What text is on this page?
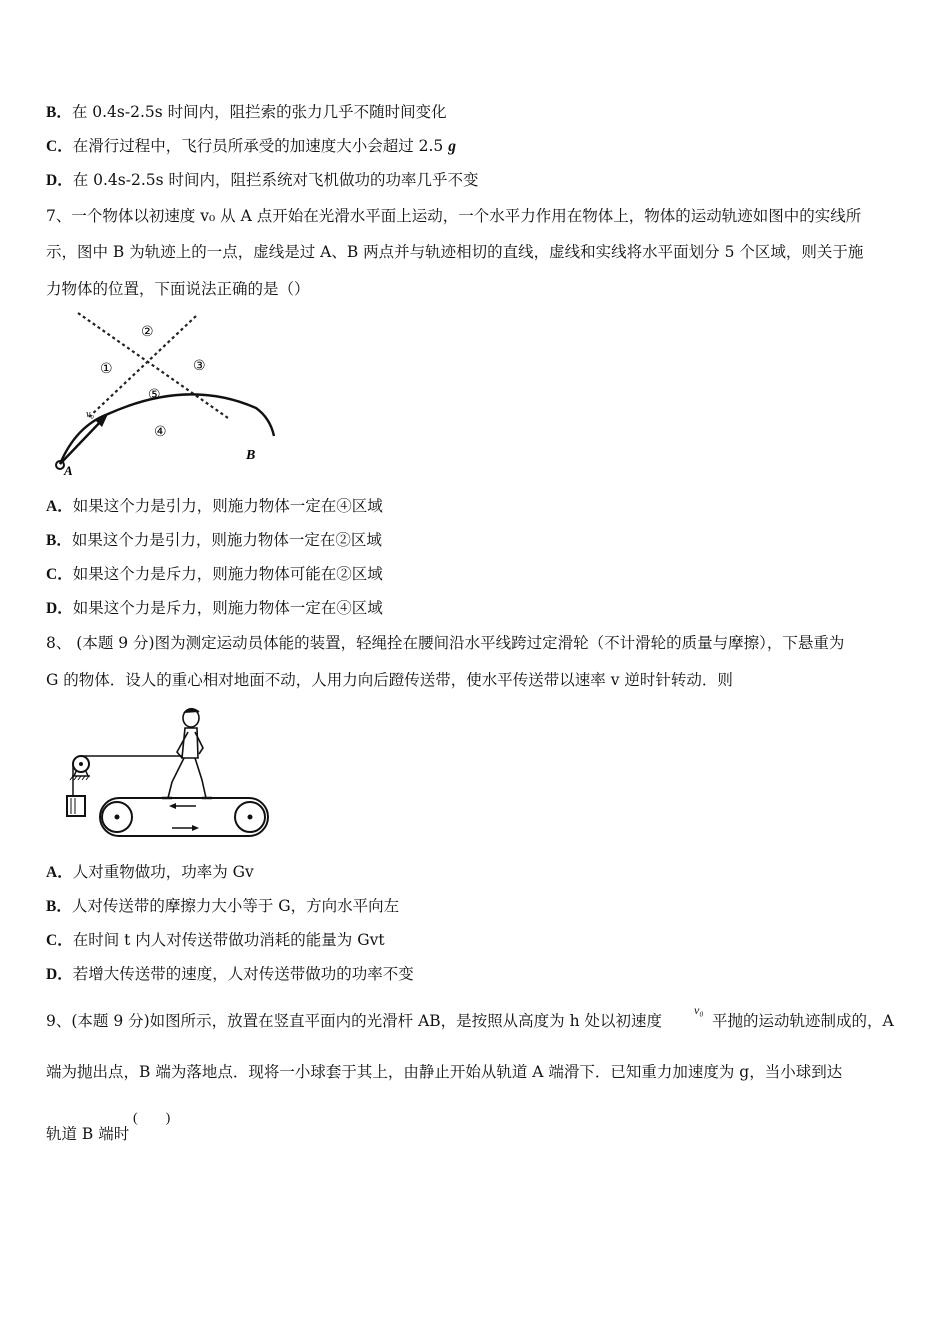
B．在 0.4s-2.5s 时间内，阻拦索的张力几乎不随时间变化
C．在滑行过程中，飞行员所承受的加速度大小会超过 2.5 g
D．在 0.4s-2.5s 时间内，阻拦系统对飞机做功的功率几乎不变
7、一个物体以初速度 v₀ 从 A 点开始在光滑水平面上运动，一个水平力作用在物体上，物体的运动轨迹如图中的实线所
示，图中 B 为轨迹上的一点，虚线是过 A、B 两点并与轨迹相切的直线，虚线和实线将水平面划分 5 个区域，则关于施
力物体的位置，下面说法正确的是（）
v₀
A
B
①
②
③
④
⑤
A．如果这个力是引力，则施力物体一定在④区域
B．如果这个力是引力，则施力物体一定在②区域
C．如果这个力是斥力，则施力物体可能在②区域
D．如果这个力是斥力，则施力物体一定在④区域
8、 (本题 9 分)图为测定运动员体能的装置，轻绳拴在腰间沿水平线跨过定滑轮（不计滑轮的质量与摩擦），下悬重为
G 的物体．设人的重心相对地面不动，人用力向后蹬传送带，使水平传送带以速率 v 逆时针转动．则
A．人对重物做功，功率为 Gv
B．人对传送带的摩擦力大小等于 G，方向水平向左
C．在时间 t 内人对传送带做功消耗的能量为 Gvt
D．若增大传送带的速度，人对传送带做功的功率不变
9、(本题 9 分)如图所示，放置在竖直平面内的光滑杆 AB，是按照从高度为 h 处以初速度
v₀
平抛的运动轨迹制成的，A
端为抛出点，B 端为落地点．现将一小球套于其上，由静止开始从轨道 A 端滑下．已知重力加速度为 g，当小球到达
轨道 B 端时
(        )
